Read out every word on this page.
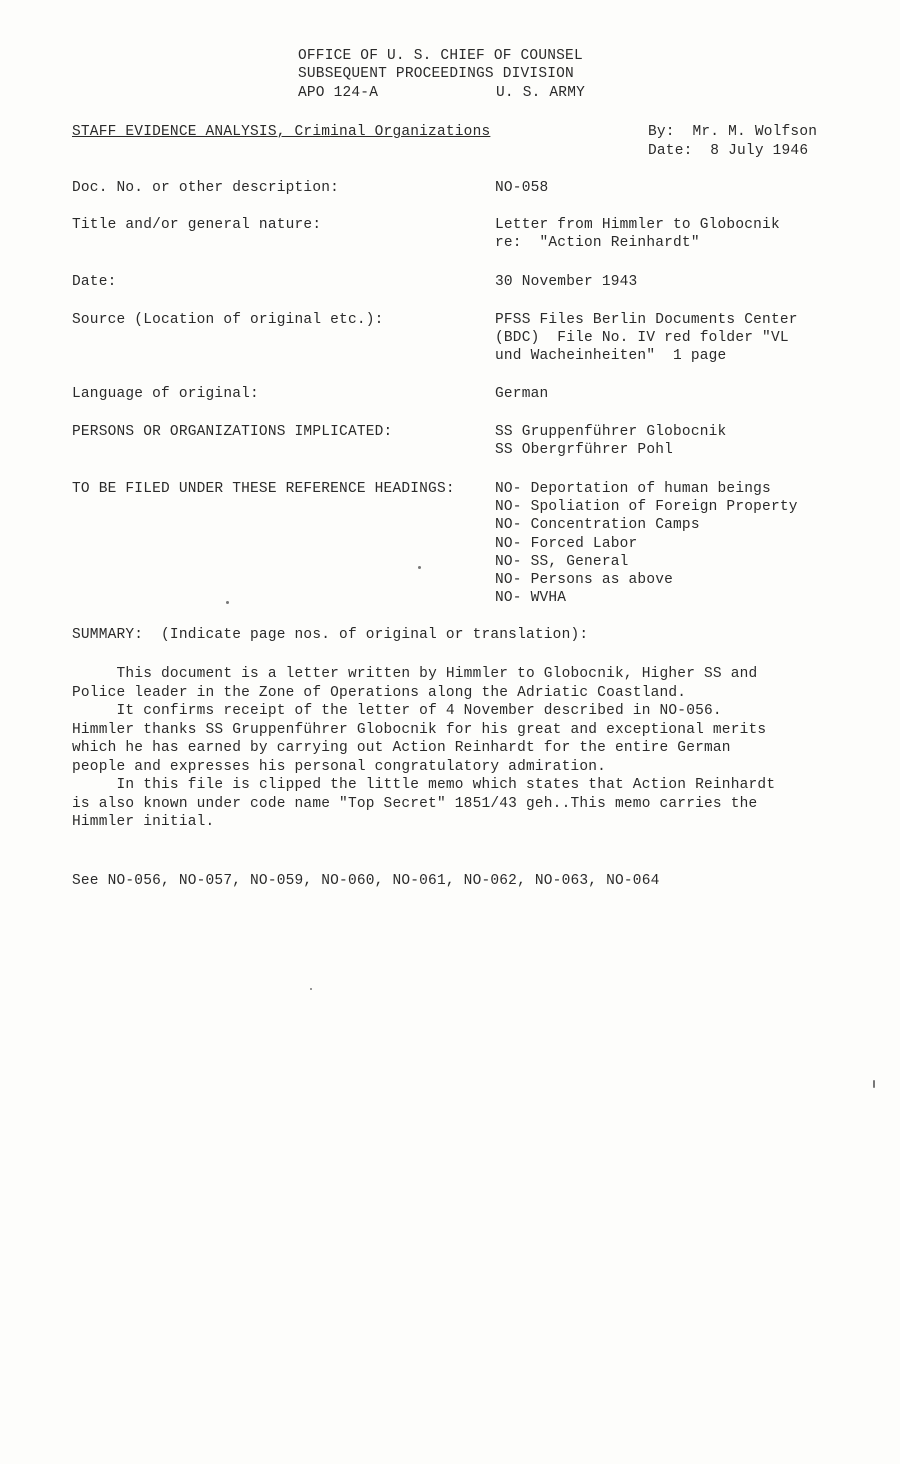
OFFICE OF U. S. CHIEF OF COUNSEL
SUBSEQUENT PROCEEDINGS DIVISION
APO 124-A	U. S. ARMY
STAFF EVIDENCE ANALYSIS, Criminal Organizations	By:  Mr. M. Wolfson
Date:  8 July 1946
Doc. No. or other description:	NO-058
Title and/or general nature:	Letter from Himmler to Globocnik
re:  "Action Reinhardt"
Date:	30 November 1943
Source (Location of original etc.):	PFSS Files Berlin Documents Center
(BDC)  File No. IV red folder "VL
und Wacheinheiten"  1 page
Language of original:	German
PERSONS OR ORGANIZATIONS IMPLICATED:	SS Gruppenführer Globocnik
SS Obergrführer Pohl
TO BE FILED UNDER THESE REFERENCE HEADINGS:	NO- Deportation of human beings
NO- Spoliation of Foreign Property
NO- Concentration Camps
NO- Forced Labor
NO- SS, General
NO- Persons as above
NO- WVHA
SUMMARY:  (Indicate page nos. of original or translation):
This document is a letter written by Himmler to Globocnik, Higher SS and
Police leader in the Zone of Operations along the Adriatic Coastland.
It confirms receipt of the letter of 4 November described in NO-056.
Himmler thanks SS Gruppenführer Globocnik for his great and exceptional merits
which he has earned by carrying out Action Reinhardt for the entire German
people and expresses his personal congratulatory admiration.
In this file is clipped the little memo which states that Action Reinhardt
is also known under code name "Top Secret" 1851/43 geh..This memo carries the
Himmler initial.
See NO-056, NO-057, NO-059, NO-060, NO-061, NO-062, NO-063, NO-064
